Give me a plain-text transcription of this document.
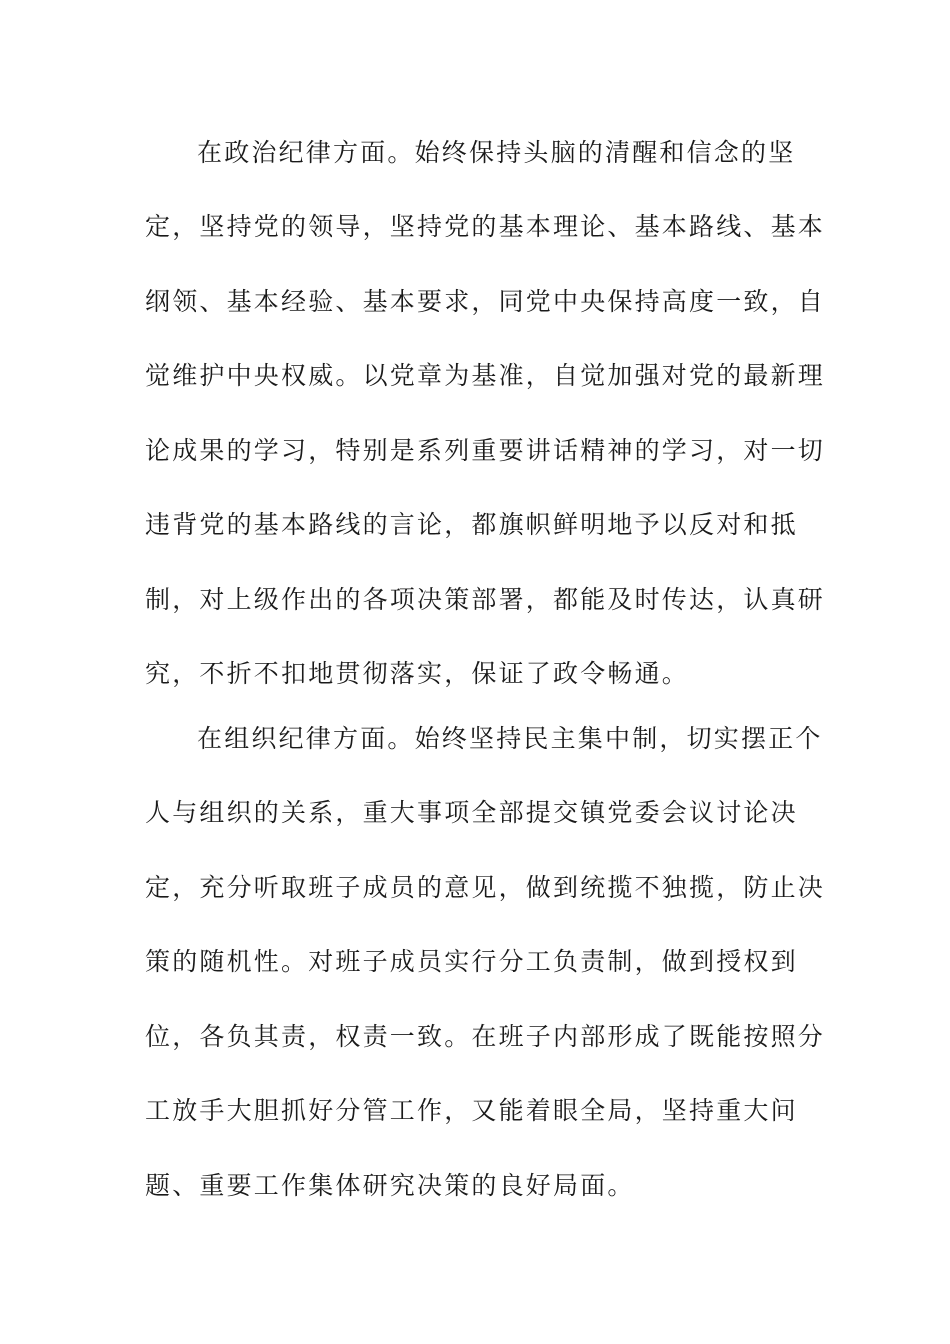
在政治纪律方面。始终保持头脑的清醒和信念的坚
定，坚持党的领导，坚持党的基本理论、基本路线、基本
纲领、基本经验、基本要求，同党中央保持高度一致，自
觉维护中央权威。以党章为基准，自觉加强对党的最新理
论成果的学习，特别是系列重要讲话精神的学习，对一切
违背党的基本路线的言论，都旗帜鲜明地予以反对和抵
制，对上级作出的各项决策部署，都能及时传达，认真研
究，不折不扣地贯彻落实，保证了政令畅通。
在组织纪律方面。始终坚持民主集中制，切实摆正个
人与组织的关系，重大事项全部提交镇党委会议讨论决
定，充分听取班子成员的意见，做到统揽不独揽，防止决
策的随机性。对班子成员实行分工负责制，做到授权到
位，各负其责，权责一致。在班子内部形成了既能按照分
工放手大胆抓好分管工作，又能着眼全局，坚持重大问
题、重要工作集体研究决策的良好局面。
